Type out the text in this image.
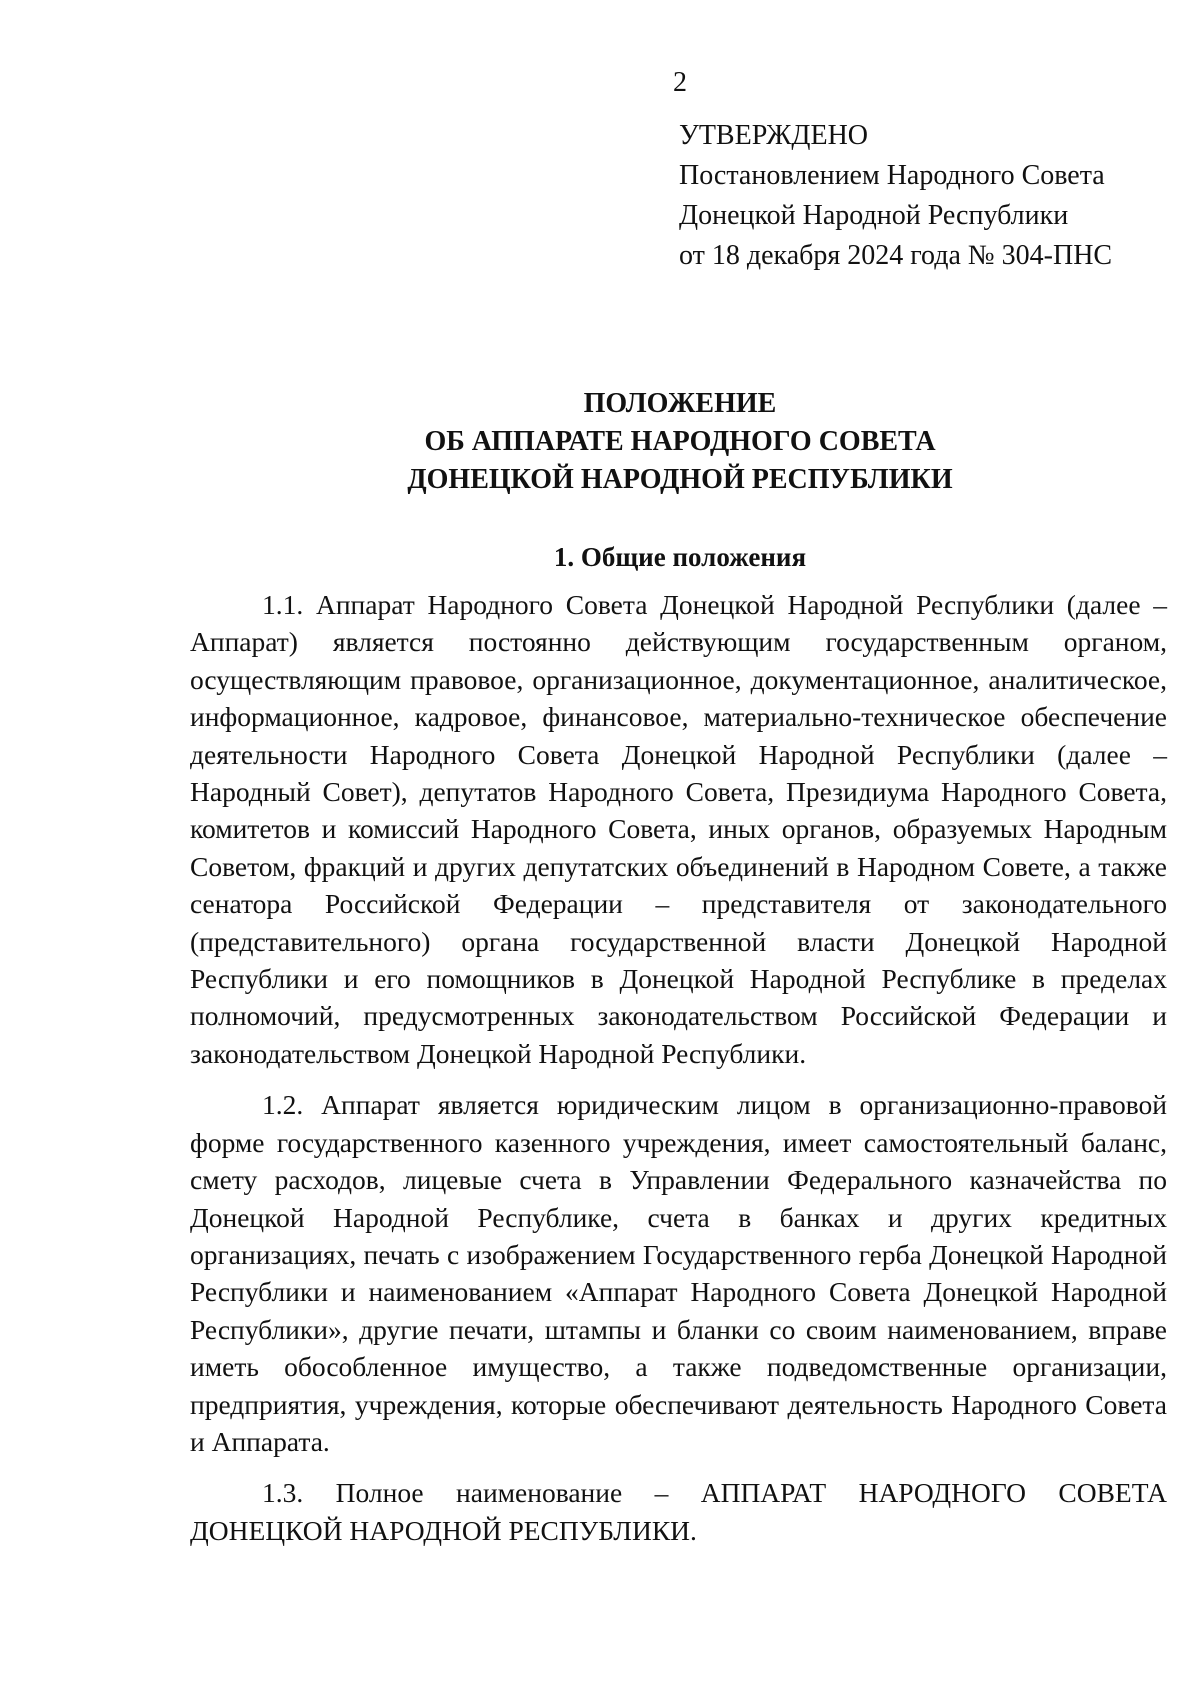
2
УТВЕРЖДЕНО
Постановлением Народного Совета
Донецкой Народной Республики
от 18 декабря 2024 года № 304-ПНС
ПОЛОЖЕНИЕ
ОБ АППАРАТЕ НАРОДНОГО СОВЕТА
ДОНЕЦКОЙ НАРОДНОЙ РЕСПУБЛИКИ
1. Общие положения

1.1. Аппарат Народного Совета Донецкой Народной Республики (далее – Аппарат) является постоянно действующим государственным органом, осуществляющим правовое, организационное, документационное, аналитическое, информационное, кадровое, финансовое, материально-техническое обеспечение деятельности Народного Совета Донецкой Народной Республики (далее – Народный Совет), депутатов Народного Совета, Президиума Народного Совета, комитетов и комиссий Народного Совета, иных органов, образуемых Народным Советом, фракций и других депутатских объединений в Народном Совете, а также сенатора Российской Федерации – представителя от законодательного (представительного) органа государственной власти Донецкой Народной Республики и его помощников в Донецкой Народной Республике в пределах полномочий, предусмотренных законодательством Российской Федерации и законодательством Донецкой Народной Республики.

1.2. Аппарат является юридическим лицом в организационно-правовой форме государственного казенного учреждения, имеет самостоятельный баланс, смету расходов, лицевые счета в Управлении Федерального казначейства по Донецкой Народной Республике, счета в банках и других кредитных организациях, печать с изображением Государственного герба Донецкой Народной Республики и наименованием «Аппарат Народного Совета Донецкой Народной Республики», другие печати, штампы и бланки со своим наименованием, вправе иметь обособленное имущество, а также подведомственные организации, предприятия, учреждения, которые обеспечивают деятельность Народного Совета и Аппарата.

1.3. Полное наименование – АППАРАТ НАРОДНОГО СОВЕТА ДОНЕЦКОЙ НАРОДНОЙ РЕСПУБЛИКИ.
